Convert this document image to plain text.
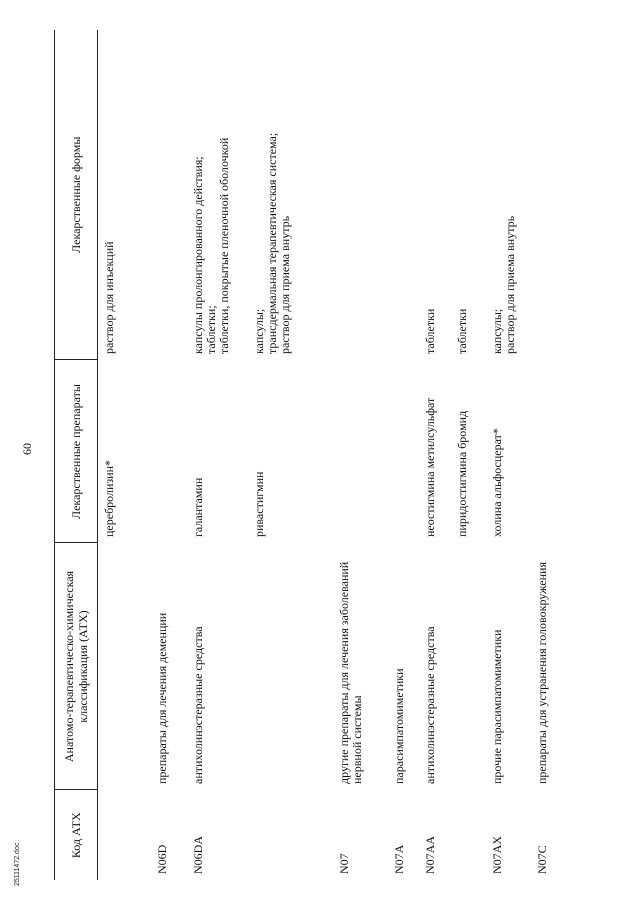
60
Код АТХ	Анатомо-терапевтическо-химическая классификация (АТХ)	Лекарственные препараты	Лекарственные формы
		церебролизин*	раствор для инъекций
N06D	препараты для лечения деменции		
N06DA	антихолинэстеразные средства	галантамин	капсулы пролонгированного действия;
таблетки;
таблетки, покрытые пленочной оболочкой
		ривастигмин	капсулы;
трансдермальная терапевтическая система;
раствор для приема внутрь
N07	другие препараты для лечения заболеваний нервной системы		
N07A	парасимпатомиметики		
N07AA	антихолинэстеразные средства	неостигмина метилсульфат	таблетки
		пиридостигмина бромид	таблетки
N07AX	прочие парасимпатомиметики	холина альфосцерат*	капсулы;
раствор для приема внутрь
N07C	препараты для устранения головокружения		
25111472.doc
